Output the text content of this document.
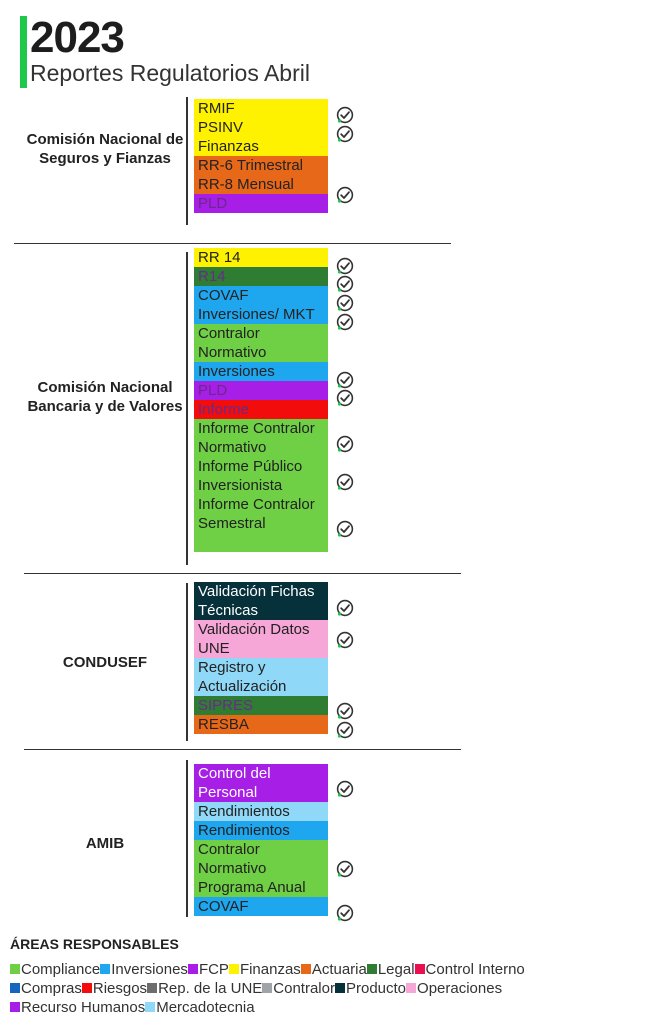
2023
Reportes Regulatorios Abril
Comisión Nacional de Seguros y Fianzas
RMIF
PSINV
Finanzas
RR-6 Trimestral
RR-8 Mensual
PLD
Comisión Nacional Bancaria y de Valores
RR 14
R14
COVAF
Inversiones/ MKT
Contralor Normativo
Inversiones
PLD
Informe
Informe Contralor Normativo
Informe Público Inversionista
Informe Contralor Semestral
CONDUSEF
Validación Fichas Técnicas
Validación Datos UNE
Registro y Actualización
SIPRES
RESBA
AMIB
Control del Personal
Rendimientos
Rendimientos
Contralor Normativo Programa Anual
COVAF
ÁREAS RESPONSABLES
Compliance Inversiones FCP Finanzas Actuaria Legal Control Interno
Compras Riesgos Rep. de la UNE Contralor Producto Operaciones
Recurso Humanos Mercadotecnia
